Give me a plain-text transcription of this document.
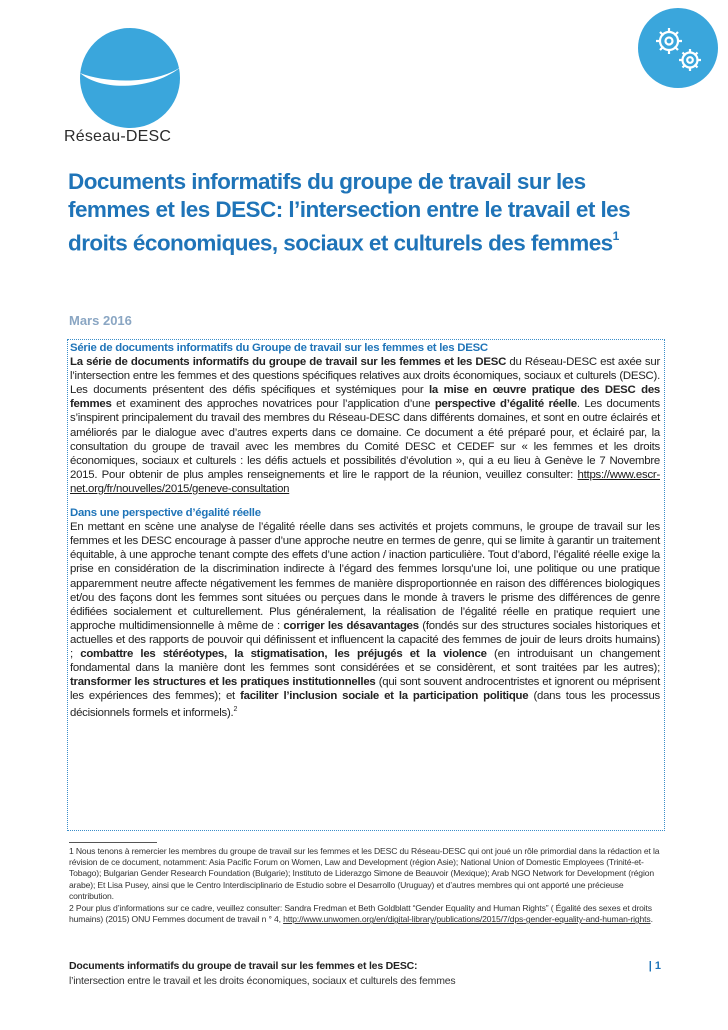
Réseau-DESC
Documents informatifs du groupe de travail sur les femmes et les DESC: l’intersection entre le travail et les droits économiques, sociaux et culturels des femmes$^1$

Mars 2016

Série de documents informatifs du Groupe de travail sur les femmes et les DESC

La série de documents informatifs du groupe de travail sur les femmes et les DESC du Réseau-DESC est axée sur l’intersection entre les femmes et des questions spécifiques relatives aux droits économiques, sociaux et culturels (DESC). Les documents présentent des défis spécifiques et systémiques pour la mise en œuvre pratique des DESC des femmes et examinent des approches novatrices pour l’application d’une perspective d’égalité réelle. Les documents s’inspirent principalement du travail des membres du Réseau-DESC dans différents domaines, et sont en outre éclairés et améliorés par le dialogue avec d’autres experts dans ce domaine. Ce document a été préparé pour, et éclairé par, la consultation du groupe de travail avec les membres du Comité DESC et CEDEF sur « les femmes et les droits économiques, sociaux et culturels : les défis actuels et possibilités d’évolution », qui a eu lieu à Genève le 7 Novembre 2015. Pour obtenir de plus amples renseignements et lire le rapport de la réunion, veuillez consulter: https://www.escr-net.org/fr/nouvelles/2015/geneve-consultation

Dans une perspective d’égalité réelle

En mettant en scène une analyse de l’égalité réelle dans ses activités et projets communs, le groupe de travail sur les femmes et les DESC encourage à passer d’une approche neutre en termes de genre, qui se limite à garantir un traitement équitable, à une approche tenant compte des effets d’une action / inaction particulière. Tout d’abord, l’égalité réelle exige la prise en considération de la discrimination indirecte à l’égard des femmes lorsqu’une loi, une politique ou une pratique apparemment neutre affecte négativement les femmes de manière disproportionnée en raison des différences biologiques et/ou des façons dont les femmes sont situées ou perçues dans le monde à travers le prisme des différences de genre édifiées socialement et culturellement. Plus généralement, la réalisation de l’égalité réelle en pratique requiert une approche multidimensionnelle à même de : corriger les désavantages (fondés sur des structures sociales historiques et actuelles et des rapports de pouvoir qui définissent et influencent la capacité des femmes de jouir de leurs droits humains) ; combattre les stéréotypes, la stigmatisation, les préjugés et la violence (en introduisant un changement fondamental dans la manière dont les femmes sont considérées et se considèrent, et sont traitées par les autres); transformer les structures et les pratiques institutionnelles (qui sont souvent androcentristes et ignorent ou méprisent les expériences des femmes); et faciliter l’inclusion sociale et la participation politique (dans tous les processus décisionnels formels et informels).$^2$

1 Nous tenons à remercier les membres du groupe de travail sur les femmes et les DESC du Réseau-DESC qui ont joué un rôle primordial dans la rédaction et la révision de ce document, notamment: Asia Pacific Forum on Women, Law and Development (région Asie); National Union of Domestic Employees (Trinité-et-Tobago); Bulgarian Gender Research Foundation (Bulgarie); Instituto de Liderazgo Simone de Beauvoir (Mexique); Arab NGO Network for Development (région arabe); Et Lisa Pusey, ainsi que le Centro Interdisciplinario de Estudio sobre el Desarrollo (Uruguay) et d’autres membres qui ont apporté une précieuse contribution.

2 Pour plus d’informations sur ce cadre, veuillez consulter: Sandra Fredman et Beth Goldblatt “Gender Equality and Human Rights” ( Égalité des sexes et droits humains) (2015) ONU Femmes document de travail n ° 4, http://www.unwomen.org/en/digital-library/publications/2015/7/dps-gender-equality-and-human-rights.

Documents informatifs du groupe de travail sur les femmes et les DESC:

l’intersection entre le travail et les droits économiques, sociaux et culturels des femmes

| 1
